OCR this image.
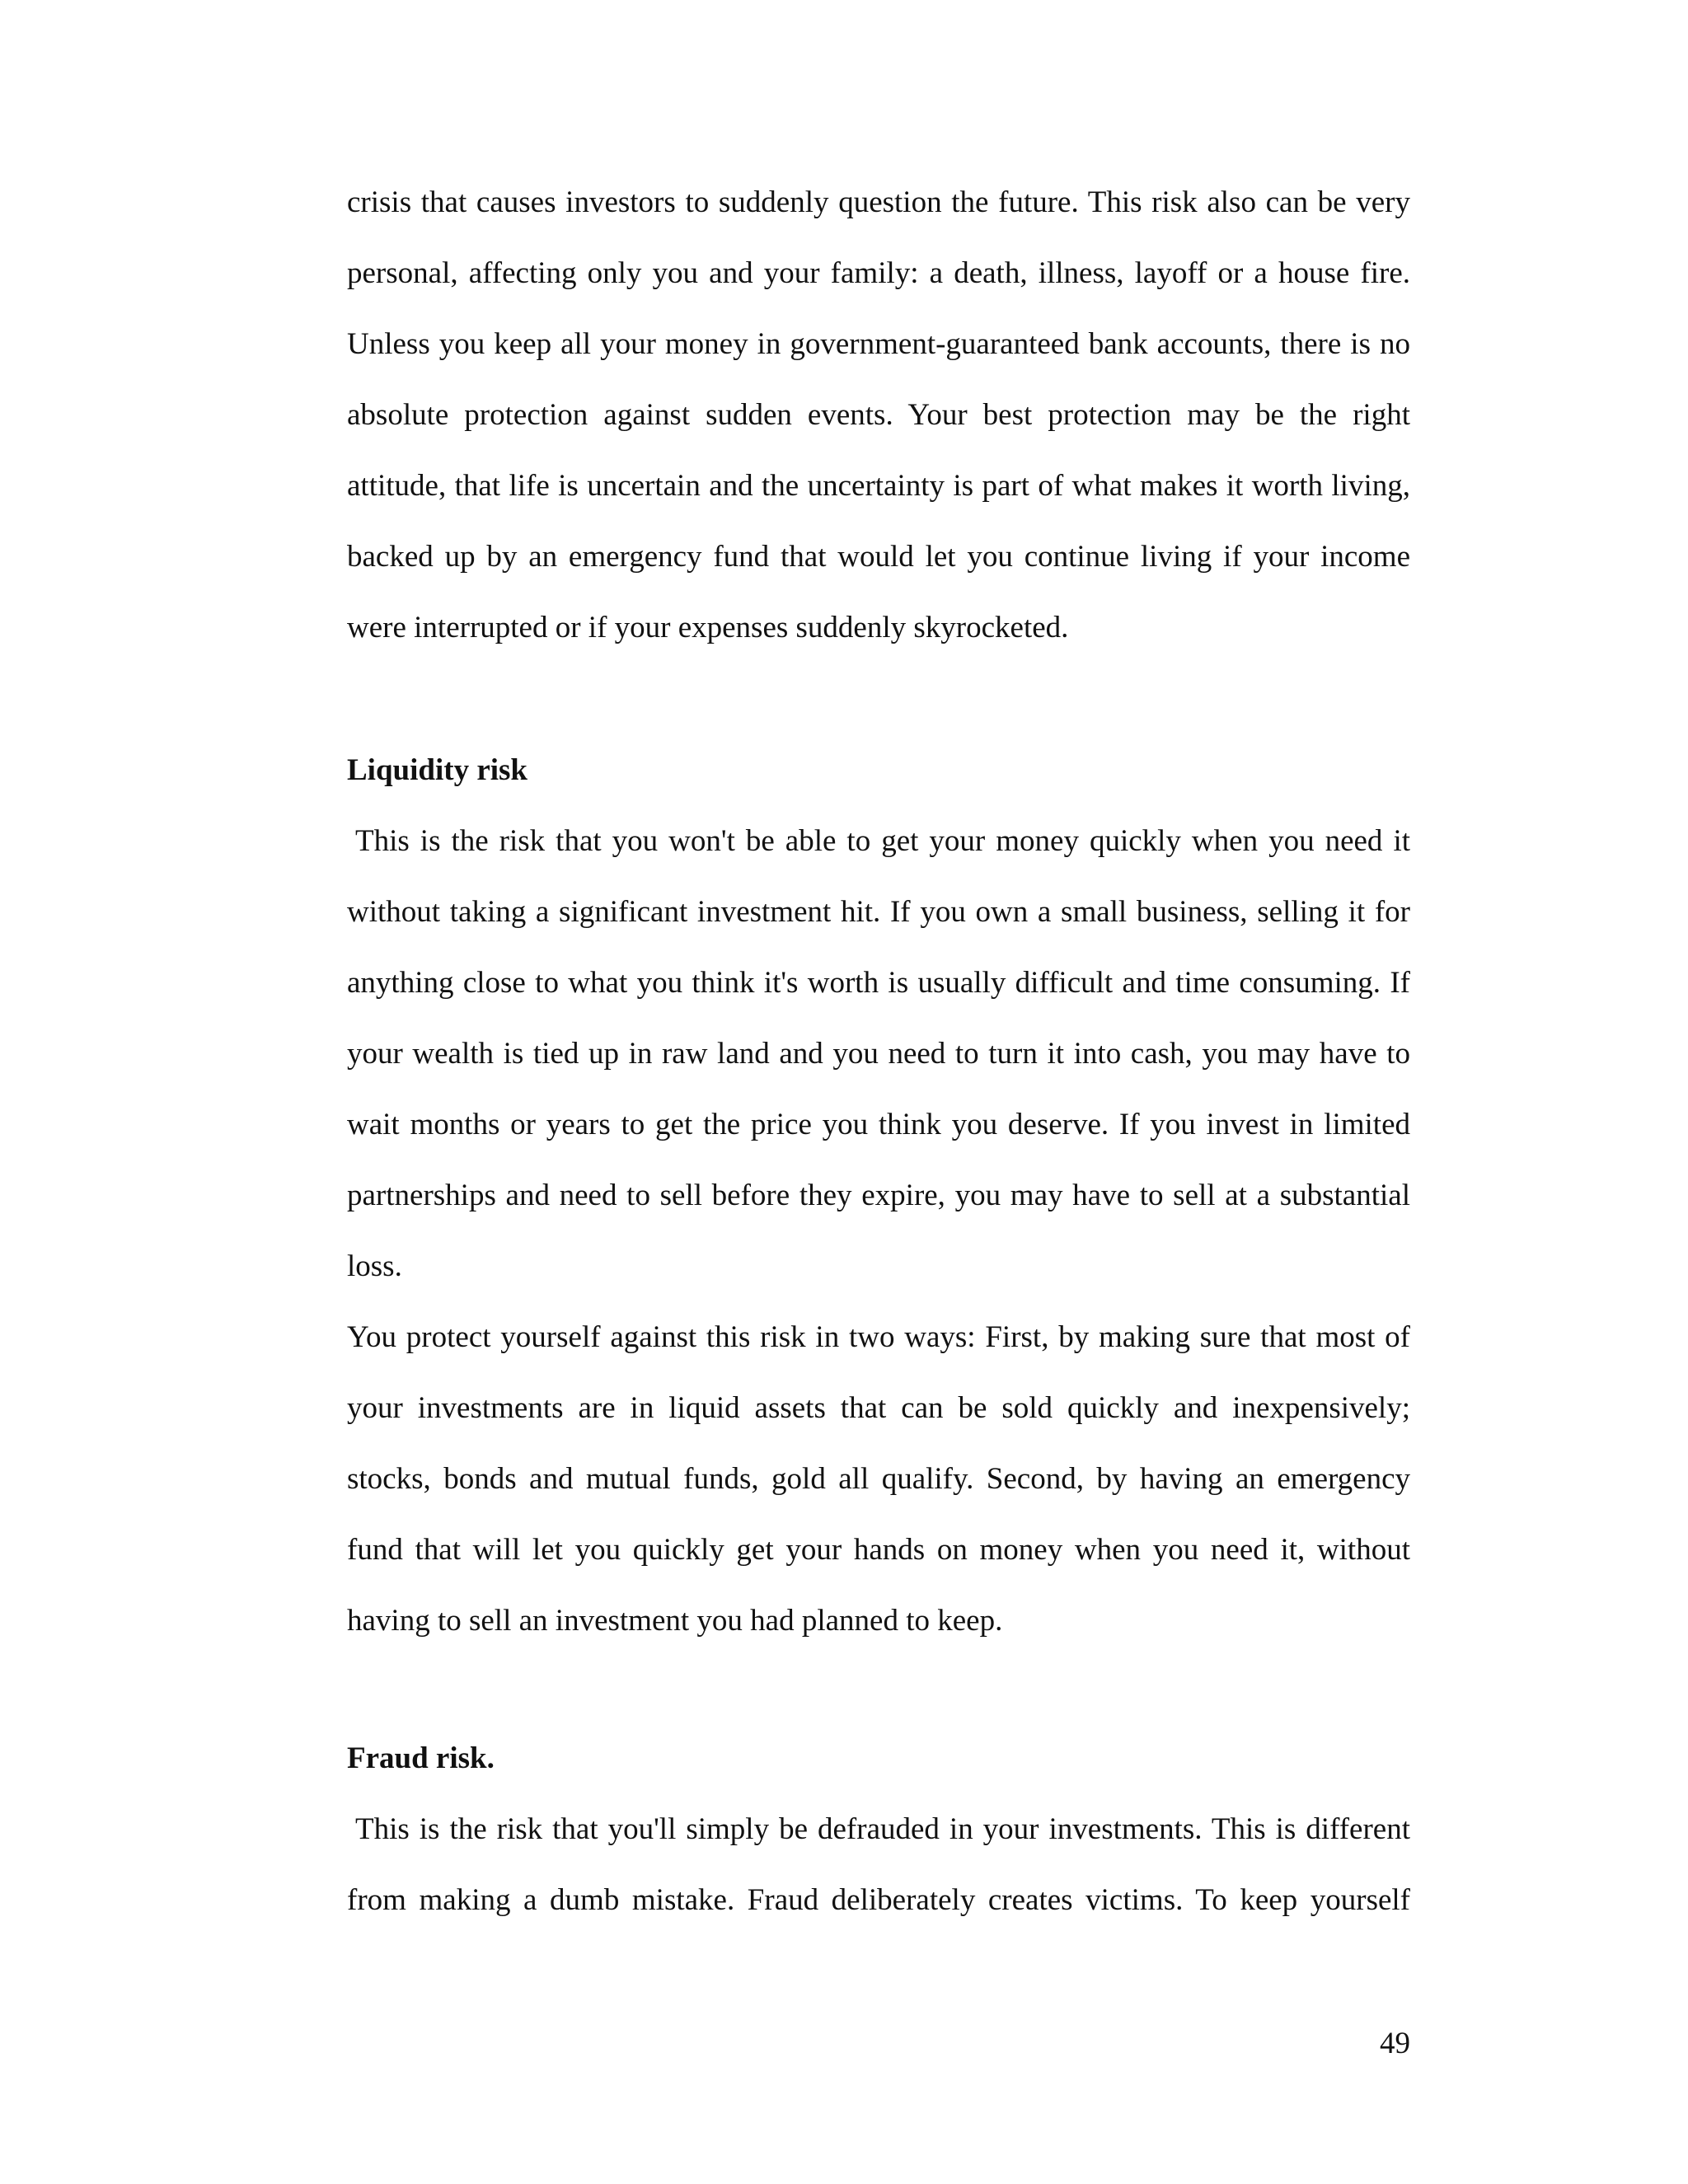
crisis that causes investors to suddenly question the future. This risk also can be very personal, affecting only you and your family: a death, illness, layoff or a house fire. Unless you keep all your money in government-guaranteed bank accounts, there is no absolute protection against sudden events. Your best protection may be the right attitude, that life is uncertain and the uncertainty is part of what makes it worth living, backed up by an emergency fund that would let you continue living if your income were interrupted or if your expenses suddenly skyrocketed.

Liquidity risk

This is the risk that you won't be able to get your money quickly when you need it without taking a significant investment hit. If you own a small business, selling it for anything close to what you think it's worth is usually difficult and time consuming. If your wealth is tied up in raw land and you need to turn it into cash, you may have to wait months or years to get the price you think you deserve. If you invest in limited partnerships and need to sell before they expire, you may have to sell at a substantial loss.

You protect yourself against this risk in two ways: First, by making sure that most of your investments are in liquid assets that can be sold quickly and inexpensively; stocks, bonds and mutual funds, gold all qualify. Second, by having an emergency fund that will let you quickly get your hands on money when you need it, without having to sell an investment you had planned to keep.

Fraud risk.

This is the risk that you'll simply be defrauded in your investments. This is different from making a dumb mistake. Fraud deliberately creates victims. To keep yourself

49
